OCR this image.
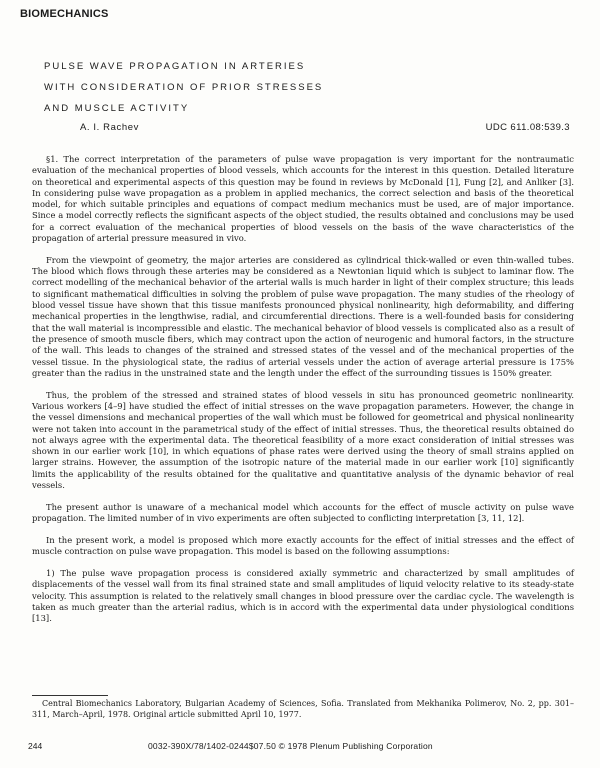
BIOMECHANICS
PULSE WAVE PROPAGATION IN ARTERIES
WITH CONSIDERATION OF PRIOR STRESSES
AND MUSCLE ACTIVITY
A. I. Rachev	UDC 611.08:539.3

§1. The correct interpretation of the parameters of pulse wave propagation is very important for the nontraumatic evaluation of the mechanical properties of blood vessels, which accounts for the interest in this question. Detailed literature on theoretical and experimental aspects of this question may be found in reviews by McDonald [1], Fung [2], and Anliker [3]. In considering pulse wave propagation as a problem in applied mechanics, the correct selection and basis of the theoretical model, for which suitable principles and equations of compact medium mechanics must be used, are of major importance. Since a model correctly reflects the significant aspects of the object studied, the results obtained and conclusions may be used for a correct evaluation of the mechanical properties of blood vessels on the basis of the wave characteristics of the propagation of arterial pressure measured in vivo.

From the viewpoint of geometry, the major arteries are considered as cylindrical thick-walled or even thin-walled tubes. The blood which flows through these arteries may be considered as a Newtonian liquid which is subject to laminar flow. The correct modelling of the mechanical behavior of the arterial walls is much harder in light of their complex structure; this leads to significant mathematical difficulties in solving the problem of pulse wave propagation. The many studies of the rheology of blood vessel tissue have shown that this tissue manifests pronounced physical nonlinearity, high deformability, and differing mechanical properties in the lengthwise, radial, and circumferential directions. There is a well-founded basis for considering that the wall material is incompressible and elastic. The mechanical behavior of blood vessels is complicated also as a result of the presence of smooth muscle fibers, which may contract upon the action of neurogenic and humoral factors, in the structure of the wall. This leads to changes of the strained and stressed states of the vessel and of the mechanical properties of the vessel tissue. In the physiological state, the radius of arterial vessels under the action of average arterial pressure is 175% greater than the radius in the unstrained state and the length under the effect of the surrounding tissues is 150% greater.

Thus, the problem of the stressed and strained states of blood vessels in situ has pronounced geometric nonlinearity. Various workers [4–9] have studied the effect of initial stresses on the wave propagation parameters. However, the change in the vessel dimensions and mechanical properties of the wall which must be followed for geometrical and physical nonlinearity were not taken into account in the parametrical study of the effect of initial stresses. Thus, the theoretical results obtained do not always agree with the experimental data. The theoretical feasibility of a more exact consideration of initial stresses was shown in our earlier work [10], in which equations of phase rates were derived using the theory of small strains applied on larger strains. However, the assumption of the isotropic nature of the material made in our earlier work [10] significantly limits the applicability of the results obtained for the qualitative and quantitative analysis of the dynamic behavior of real vessels.

The present author is unaware of a mechanical model which accounts for the effect of muscle activity on pulse wave propagation. The limited number of in vivo experiments are often subjected to conflicting interpretation [3, 11, 12].

In the present work, a model is proposed which more exactly accounts for the effect of initial stresses and the effect of muscle contraction on pulse wave propagation. This model is based on the following assumptions:

1) The pulse wave propagation process is considered axially symmetric and characterized by small amplitudes of displacements of the vessel wall from its final strained state and small amplitudes of liquid velocity relative to its steady-state velocity. This assumption is related to the relatively small changes in blood pressure over the cardiac cycle. The wavelength is taken as much greater than the arterial radius, which is in accord with the experimental data under physiological conditions [13].

Central Biomechanics Laboratory, Bulgarian Academy of Sciences, Sofia. Translated from Mekhanika Polimerov, No. 2, pp. 301–311, March–April, 1978. Original article submitted April 10, 1977.
244	0032-390X/78/1402-0244$07.50 © 1978 Plenum Publishing Corporation
